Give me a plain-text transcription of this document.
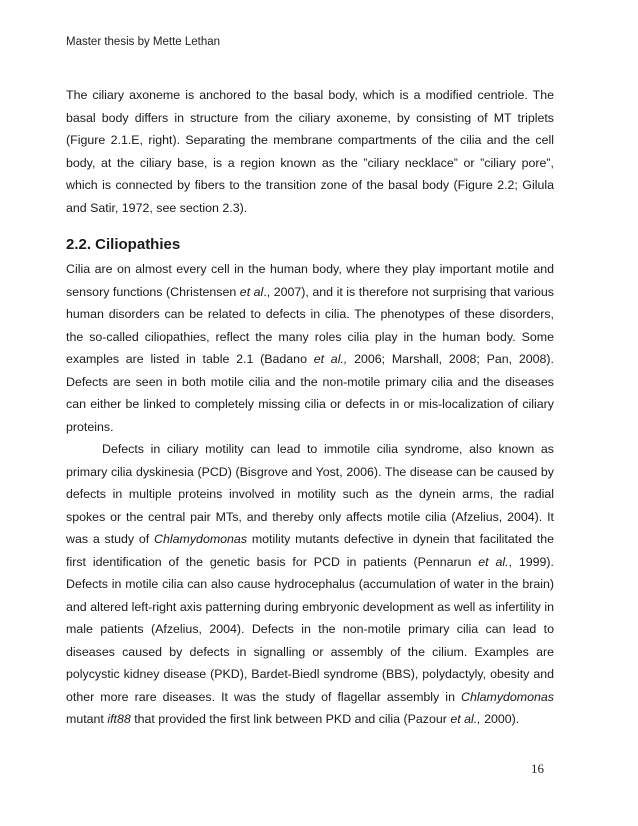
Master thesis by Mette Lethan

The ciliary axoneme is anchored to the basal body, which is a modified centriole. The basal body differs in structure from the ciliary axoneme, by consisting of MT triplets (Figure 2.1.E, right). Separating the membrane compartments of the cilia and the cell body, at the ciliary base, is a region known as the ”ciliary necklace” or ”ciliary pore”, which is connected by fibers to the transition zone of the basal body (Figure 2.2; Gilula and Satir, 1972, see section 2.3).

2.2. Ciliopathies

Cilia are on almost every cell in the human body, where they play important motile and sensory functions (Christensen et al., 2007), and it is therefore not surprising that various human disorders can be related to defects in cilia. The phenotypes of these disorders, the so-called ciliopathies, reflect the many roles cilia play in the human body. Some examples are listed in table 2.1 (Badano et al., 2006; Marshall, 2008; Pan, 2008). Defects are seen in both motile cilia and the non-motile primary cilia and the diseases can either be linked to completely missing cilia or defects in or mis-localization of ciliary proteins.

Defects in ciliary motility can lead to immotile cilia syndrome, also known as primary cilia dyskinesia (PCD) (Bisgrove and Yost, 2006). The disease can be caused by defects in multiple proteins involved in motility such as the dynein arms, the radial spokes or the central pair MTs, and thereby only affects motile cilia (Afzelius, 2004). It was a study of Chlamydomonas motility mutants defective in dynein that facilitated the first identification of the genetic basis for PCD in patients (Pennarun et al., 1999). Defects in motile cilia can also cause hydrocephalus (accumulation of water in the brain) and altered left-right axis patterning during embryonic development as well as infertility in male patients (Afzelius, 2004). Defects in the non-motile primary cilia can lead to diseases caused by defects in signalling or assembly of the cilium. Examples are polycystic kidney disease (PKD), Bardet-Biedl syndrome (BBS), polydactyly, obesity and other more rare diseases. It was the study of flagellar assembly in Chlamydomonas mutant ift88 that provided the first link between PKD and cilia (Pazour et al., 2000).

16
